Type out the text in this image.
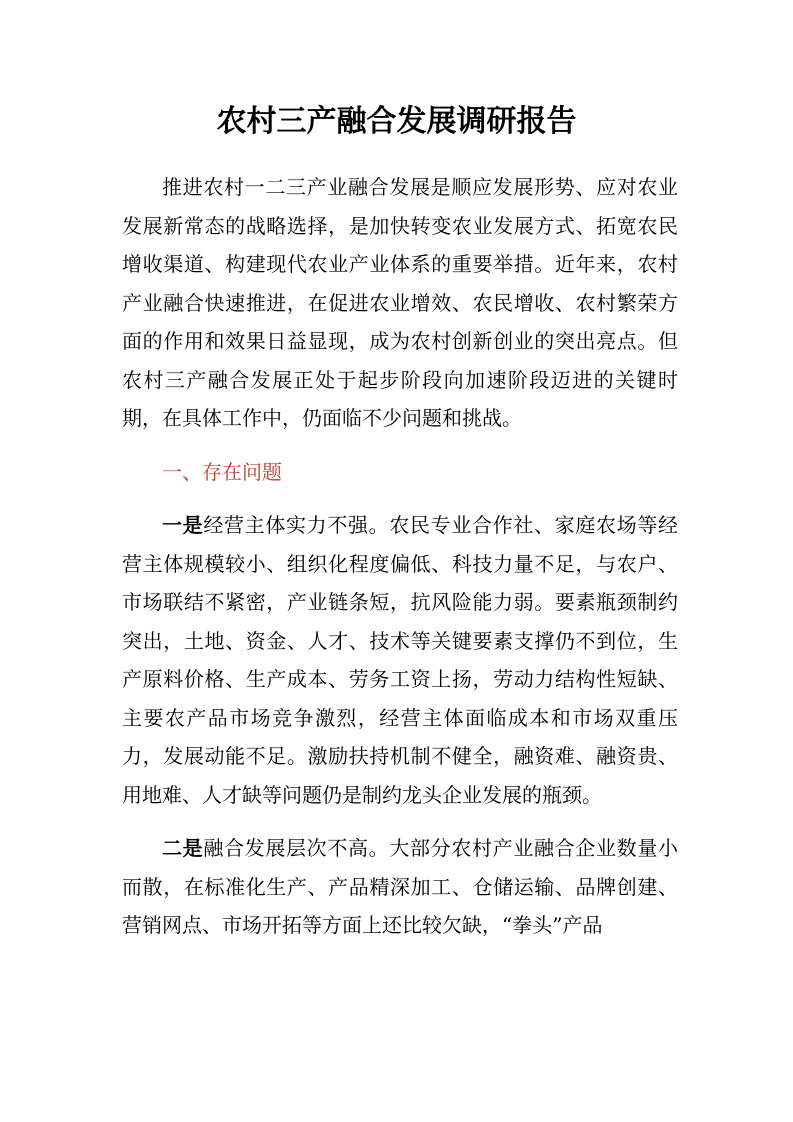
农村三产融合发展调研报告

推进农村一二三产业融合发展是顺应发展形势、应对农业发展新常态的战略选择，是加快转变农业发展方式、拓宽农民增收渠道、构建现代农业产业体系的重要举措。近年来，农村产业融合快速推进，在促进农业增效、农民增收、农村繁荣方面的作用和效果日益显现，成为农村创新创业的突出亮点。但农村三产融合发展正处于起步阶段向加速阶段迈进的关键时期，在具体工作中，仍面临不少问题和挑战。

一、存在问题

一是经营主体实力不强。农民专业合作社、家庭农场等经营主体规模较小、组织化程度偏低、科技力量不足，与农户、市场联结不紧密，产业链条短，抗风险能力弱。要素瓶颈制约突出，土地、资金、人才、技术等关键要素支撑仍不到位，生产原料价格、生产成本、劳务工资上扬，劳动力结构性短缺、主要农产品市场竞争激烈，经营主体面临成本和市场双重压力，发展动能不足。激励扶持机制不健全，融资难、融资贵、用地难、人才缺等问题仍是制约龙头企业发展的瓶颈。

二是融合发展层次不高。大部分农村产业融合企业数量小而散，在标准化生产、产品精深加工、仓储运输、品牌创建、营销网点、市场开拓等方面上还比较欠缺，“拳头”产品
